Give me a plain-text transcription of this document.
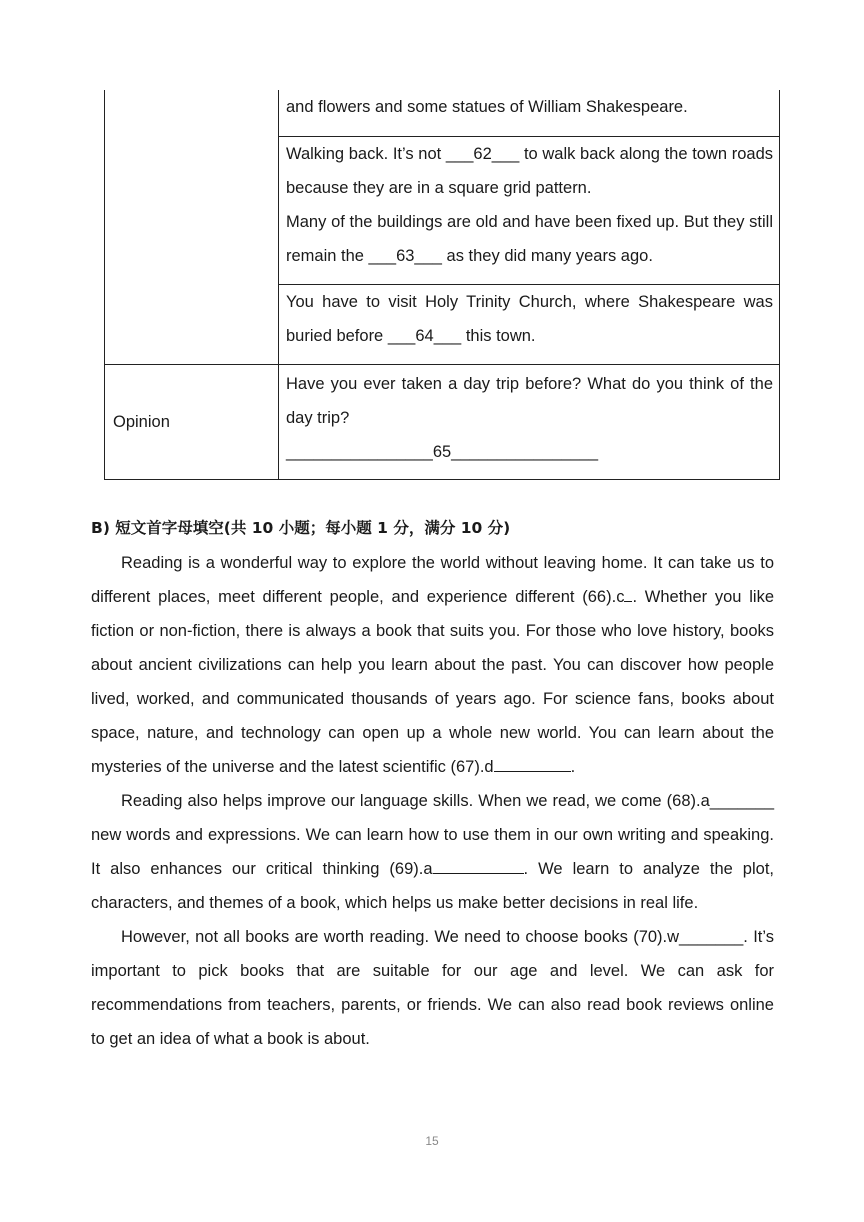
	and flowers and some statues of William Shakespeare.

	Walking back. It’s not ___62___ to walk back along the town roads because they are in a square grid pattern.

Many of the buildings are old and have been fixed up. But they still remain the ___63___ as they did many years ago.

	You have to visit Holy Trinity Church, where Shakespeare was buried before ___64___ this town.

Opinion	Have you ever taken a day trip before? What do you think of the day trip?

________________65________________

B) 短文首字母填空(共 10 小题；每小题 1 分，满分 10 分)

Reading is a wonderful way to explore the world without leaving home. It can take us to different places, meet different people, and experience different (66).c . Whether you like fiction or non-fiction, there is always a book that suits you. For those who love history, books about ancient civilizations can help you learn about the past. You can discover how people lived, worked, and communicated thousands of years ago. For science fans, books about space, nature, and technology can open up a whole new world. You can learn about the mysteries of the universe and the latest scientific (67).d	.

Reading also helps improve our language skills. When we read, we come (68).a_______ new words and expressions. We can learn how to use them in our own writing and speaking. It also enhances our critical thinking (69).a	. We learn to analyze the plot, characters, and themes of a book, which helps us make better decisions in real life.

However, not all books are worth reading. We need to choose books (70).w_______. It’s important to pick books that are suitable for our age and level. We can ask for recommendations from teachers, parents, or friends. We can also read book reviews online to get an idea of what a book is about.

15
